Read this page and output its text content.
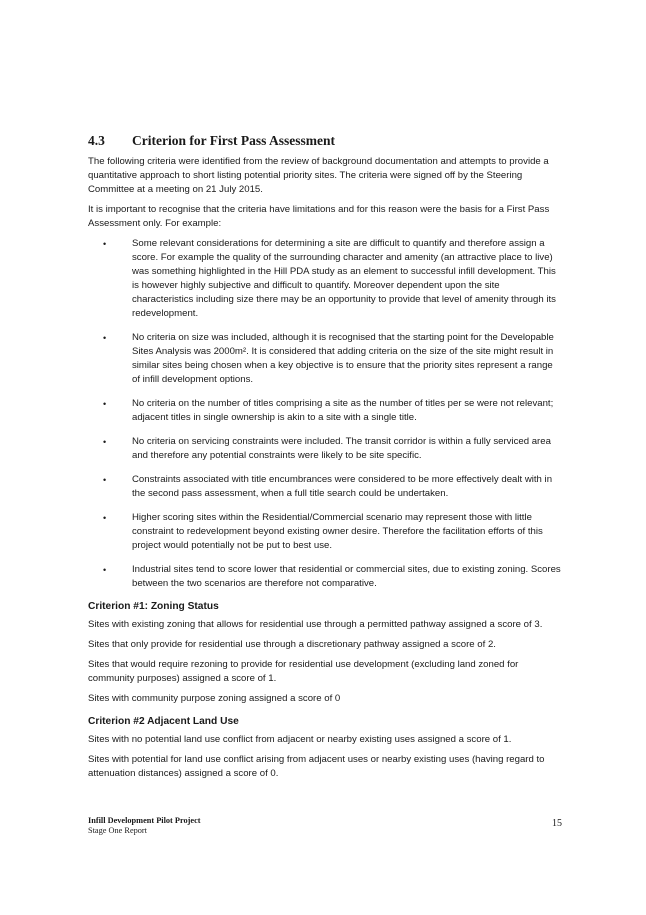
4.3	Criterion for First Pass Assessment

The following criteria were identified from the review of background documentation and attempts to provide a quantitative approach to short listing potential priority sites. The criteria were signed off by the Steering Committee at a meeting on 21 July 2015.

It is important to recognise that the criteria have limitations and for this reason were the basis for a First Pass Assessment only. For example:

•	Some relevant considerations for determining a site are difficult to quantify and therefore assign a score. For example the quality of the surrounding character and amenity (an attractive place to live) was something highlighted in the Hill PDA study as an element to successful infill development. This is however highly subjective and difficult to quantify. Moreover dependent upon the site characteristics including size there may be an opportunity to provide that level of amenity through its redevelopment.
•	No criteria on size was included, although it is recognised that the starting point for the Developable Sites Analysis was 2000m². It is considered that adding criteria on the size of the site might result in similar sites being chosen when a key objective is to ensure that the priority sites represent a range of infill development options.
•	No criteria on the number of titles comprising a site as the number of titles per se were not relevant; adjacent titles in single ownership is akin to a site with a single title.
•	No criteria on servicing constraints were included. The transit corridor is within a fully serviced area and therefore any potential constraints were likely to be site specific.
•	Constraints associated with title encumbrances were considered to be more effectively dealt with in the second pass assessment, when a full title search could be undertaken.
•	Higher scoring sites within the Residential/Commercial scenario may represent those with little constraint to redevelopment beyond existing owner desire. Therefore the facilitation efforts of this project would potentially not be put to best use.
•	Industrial sites tend to score lower that residential or commercial sites, due to existing zoning. Scores between the two scenarios are therefore not comparative.
Criterion #1: Zoning Status

Sites with existing zoning that allows for residential use through a permitted pathway assigned a score of 3.

Sites that only provide for residential use through a discretionary pathway assigned a score of 2.

Sites that would require rezoning to provide for residential use development (excluding land zoned for community purposes) assigned a score of 1.

Sites with community purpose zoning assigned a score of 0

Criterion #2 Adjacent Land Use

Sites with no potential land use conflict from adjacent or nearby existing uses assigned a score of 1.

Sites with potential for land use conflict arising from adjacent uses or nearby existing uses (having regard to attenuation distances) assigned a score of 0.

Infill Development Pilot Project
Stage One Report
15
